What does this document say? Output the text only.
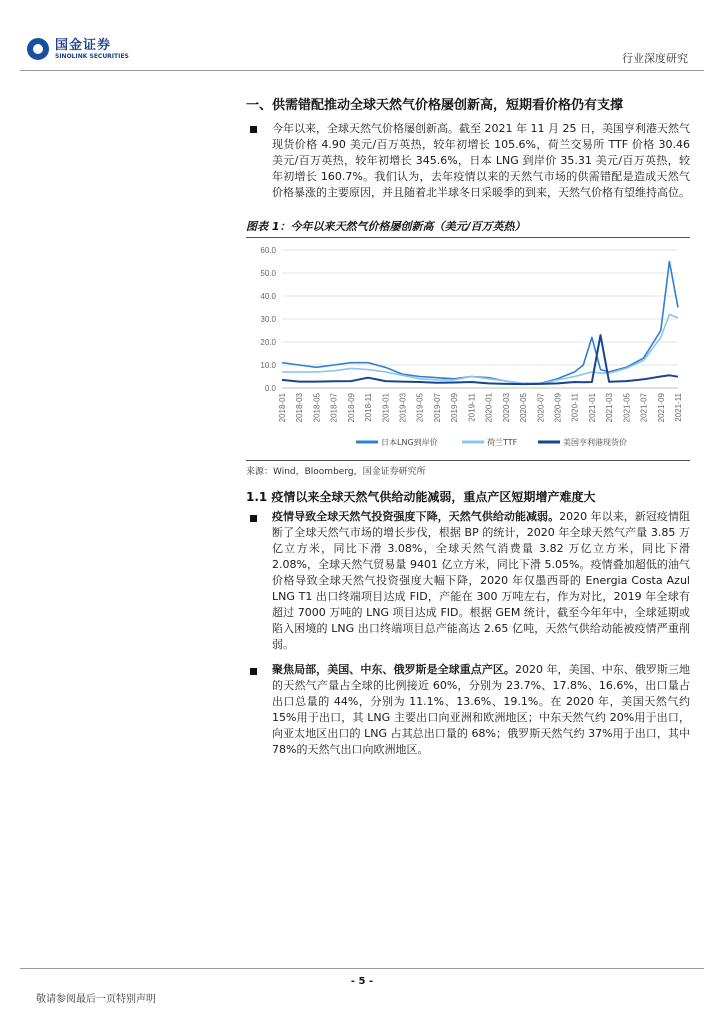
国金证券
SINOLINK SECURITIES	行业深度研究
一、供需错配推动全球天然气价格屡创新高，短期看价格仍有支撑
今年以来，全球天然气价格屡创新高。截至 2021 年 11 月 25 日，美国亨利港天然气现货价格 4.90 美元/百万英热，较年初增长 105.6%，荷兰交易所 TTF 价格 30.46 美元/百万英热，较年初增长 345.6%，日本 LNG 到岸价 35.31 美元/百万英热，较年初增长 160.7%。我们认为，去年疫情以来的天然气市场的供需错配是造成天然气价格暴涨的主要原因，并且随着北半球冬日采暖季的到来，天然气价格有望维持高位。
图表 1：今年以来天然气价格屡创新高（美元/百万英热）
0.0
10.0
20.0
30.0
40.0
50.0
60.0
2018-01 2018-03 2018-05 2018-07 2018-09 2018-11 2019-01 2019-03 2019-05 2019-07 2019-09 2019-11 2020-01 2020-03 2020-05 2020-07 2020-09 2020-11 2021-01 2021-03 2021-05 2021-07 2021-09 2021-11
日本LNG到岸价	荷兰TTF	美国亨利港现货价
来源：Wind，Bloomberg，国金证券研究所
1.1 疫情以来全球天然气供给动能减弱，重点产区短期增产难度大
疫情导致全球天然气投资强度下降，天然气供给动能减弱。2020 年以来，新冠疫情阻断了全球天然气市场的增长步伐，根据 BP 的统计，2020 年全球天然气产量 3.85 万亿立方米，同比下滑 3.08%，全球天然气消费量 3.82 万亿立方米，同比下滑 2.08%，全球天然气贸易量 9401 亿立方米，同比下滑 5.05%。疫情叠加超低的油气价格导致全球天然气投资强度大幅下降，2020 年仅墨西哥的 Energia Costa Azul LNG T1 出口终端项目达成 FID，产能在 300 万吨左右，作为对比，2019 年全球有超过 7000 万吨的 LNG 项目达成 FID。根据 GEM 统计，截至今年年中，全球延期或陷入困境的 LNG 出口终端项目总产能高达 2.65 亿吨，天然气供给动能被疫情严重削弱。
聚焦局部，美国、中东、俄罗斯是全球重点产区。2020 年，美国、中东、俄罗斯三地的天然气产量占全球的比例接近 60%，分别为 23.7%、17.8%、16.6%，出口量占出口总量的 44%，分别为 11.1%、13.6%、19.1%。在 2020 年，美国天然气约 15%用于出口，其 LNG 主要出口向亚洲和欧洲地区；中东天然气约 20%用于出口，向亚太地区出口的 LNG 占其总出口量的 68%；俄罗斯天然气约 37%用于出口，其中 78%的天然气出口向欧洲地区。
- 5 -
敬请参阅最后一页特别声明
